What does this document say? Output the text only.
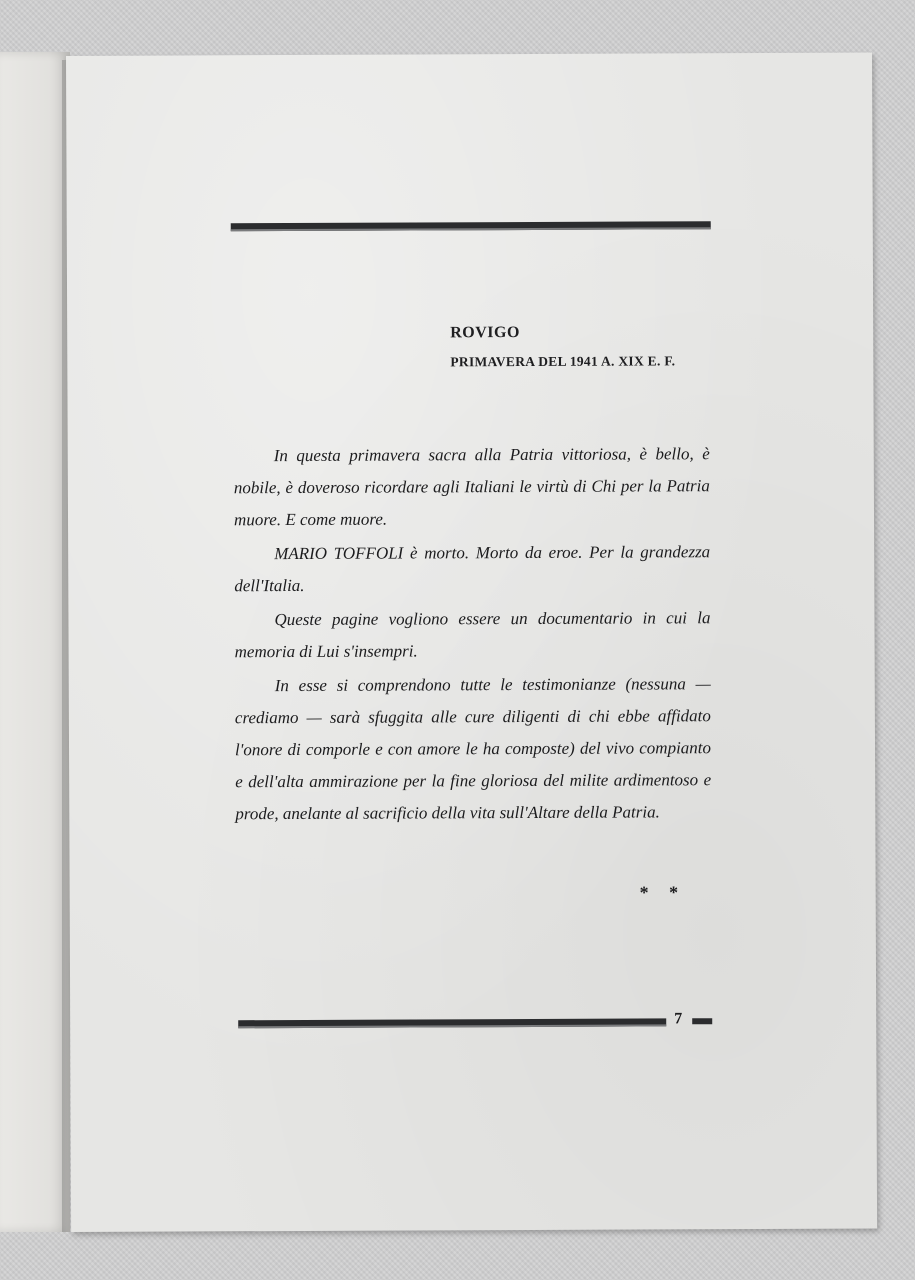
ROVIGO
PRIMAVERA DEL 1941 A. XIX E. F.

In questa primavera sacra alla Patria vittoriosa, è bello, è nobile, è doveroso ricordare agli Italiani le virtù di Chi per la Patria muore. E come muore.

MARIO TOFFOLI è morto. Morto da eroe. Per la grandezza dell'Italia.

Queste pagine vogliono essere un documentario in cui la memoria di Lui s'insempri.

In esse si comprendono tutte le testimonianze (nessuna — crediamo — sarà sfuggita alle cure diligenti di chi ebbe affidato l'onore di comporle e con amore le ha composte) del vivo compianto e dell'alta ammirazione per la fine gloriosa del milite ardimentoso e prode, anelante al sacrificio della vita sull'Altare della Patria.

* *
7
